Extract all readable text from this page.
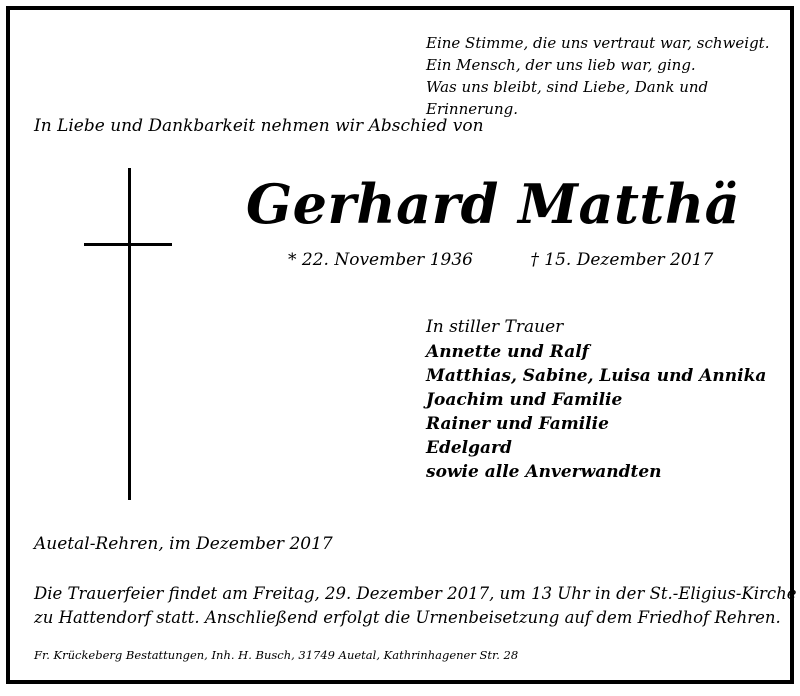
Eine Stimme, die uns vertraut war, schweigt.
Ein Mensch, der uns lieb war, ging.
Was uns bleibt, sind Liebe, Dank und Erinnerung.
In Liebe und Dankbarkeit nehmen wir Abschied von
Gerhard Matthä
* 22. November 1936	† 15. Dezember 2017
In stiller Trauer
Annette und Ralf
Matthias, Sabine, Luisa und Annika
Joachim und Familie
Rainer und Familie
Edelgard
sowie alle Anverwandten
Auetal-Rehren, im Dezember 2017
Die Trauerfeier findet am Freitag, 29. Dezember 2017, um 13 Uhr in der St.-Eligius-Kirche
zu Hattendorf statt. Anschließend erfolgt die Urnenbeisetzung auf dem Friedhof Rehren.
Fr. Krückeberg Bestattungen, Inh. H. Busch, 31749 Auetal, Kathrinhagener Str. 28
